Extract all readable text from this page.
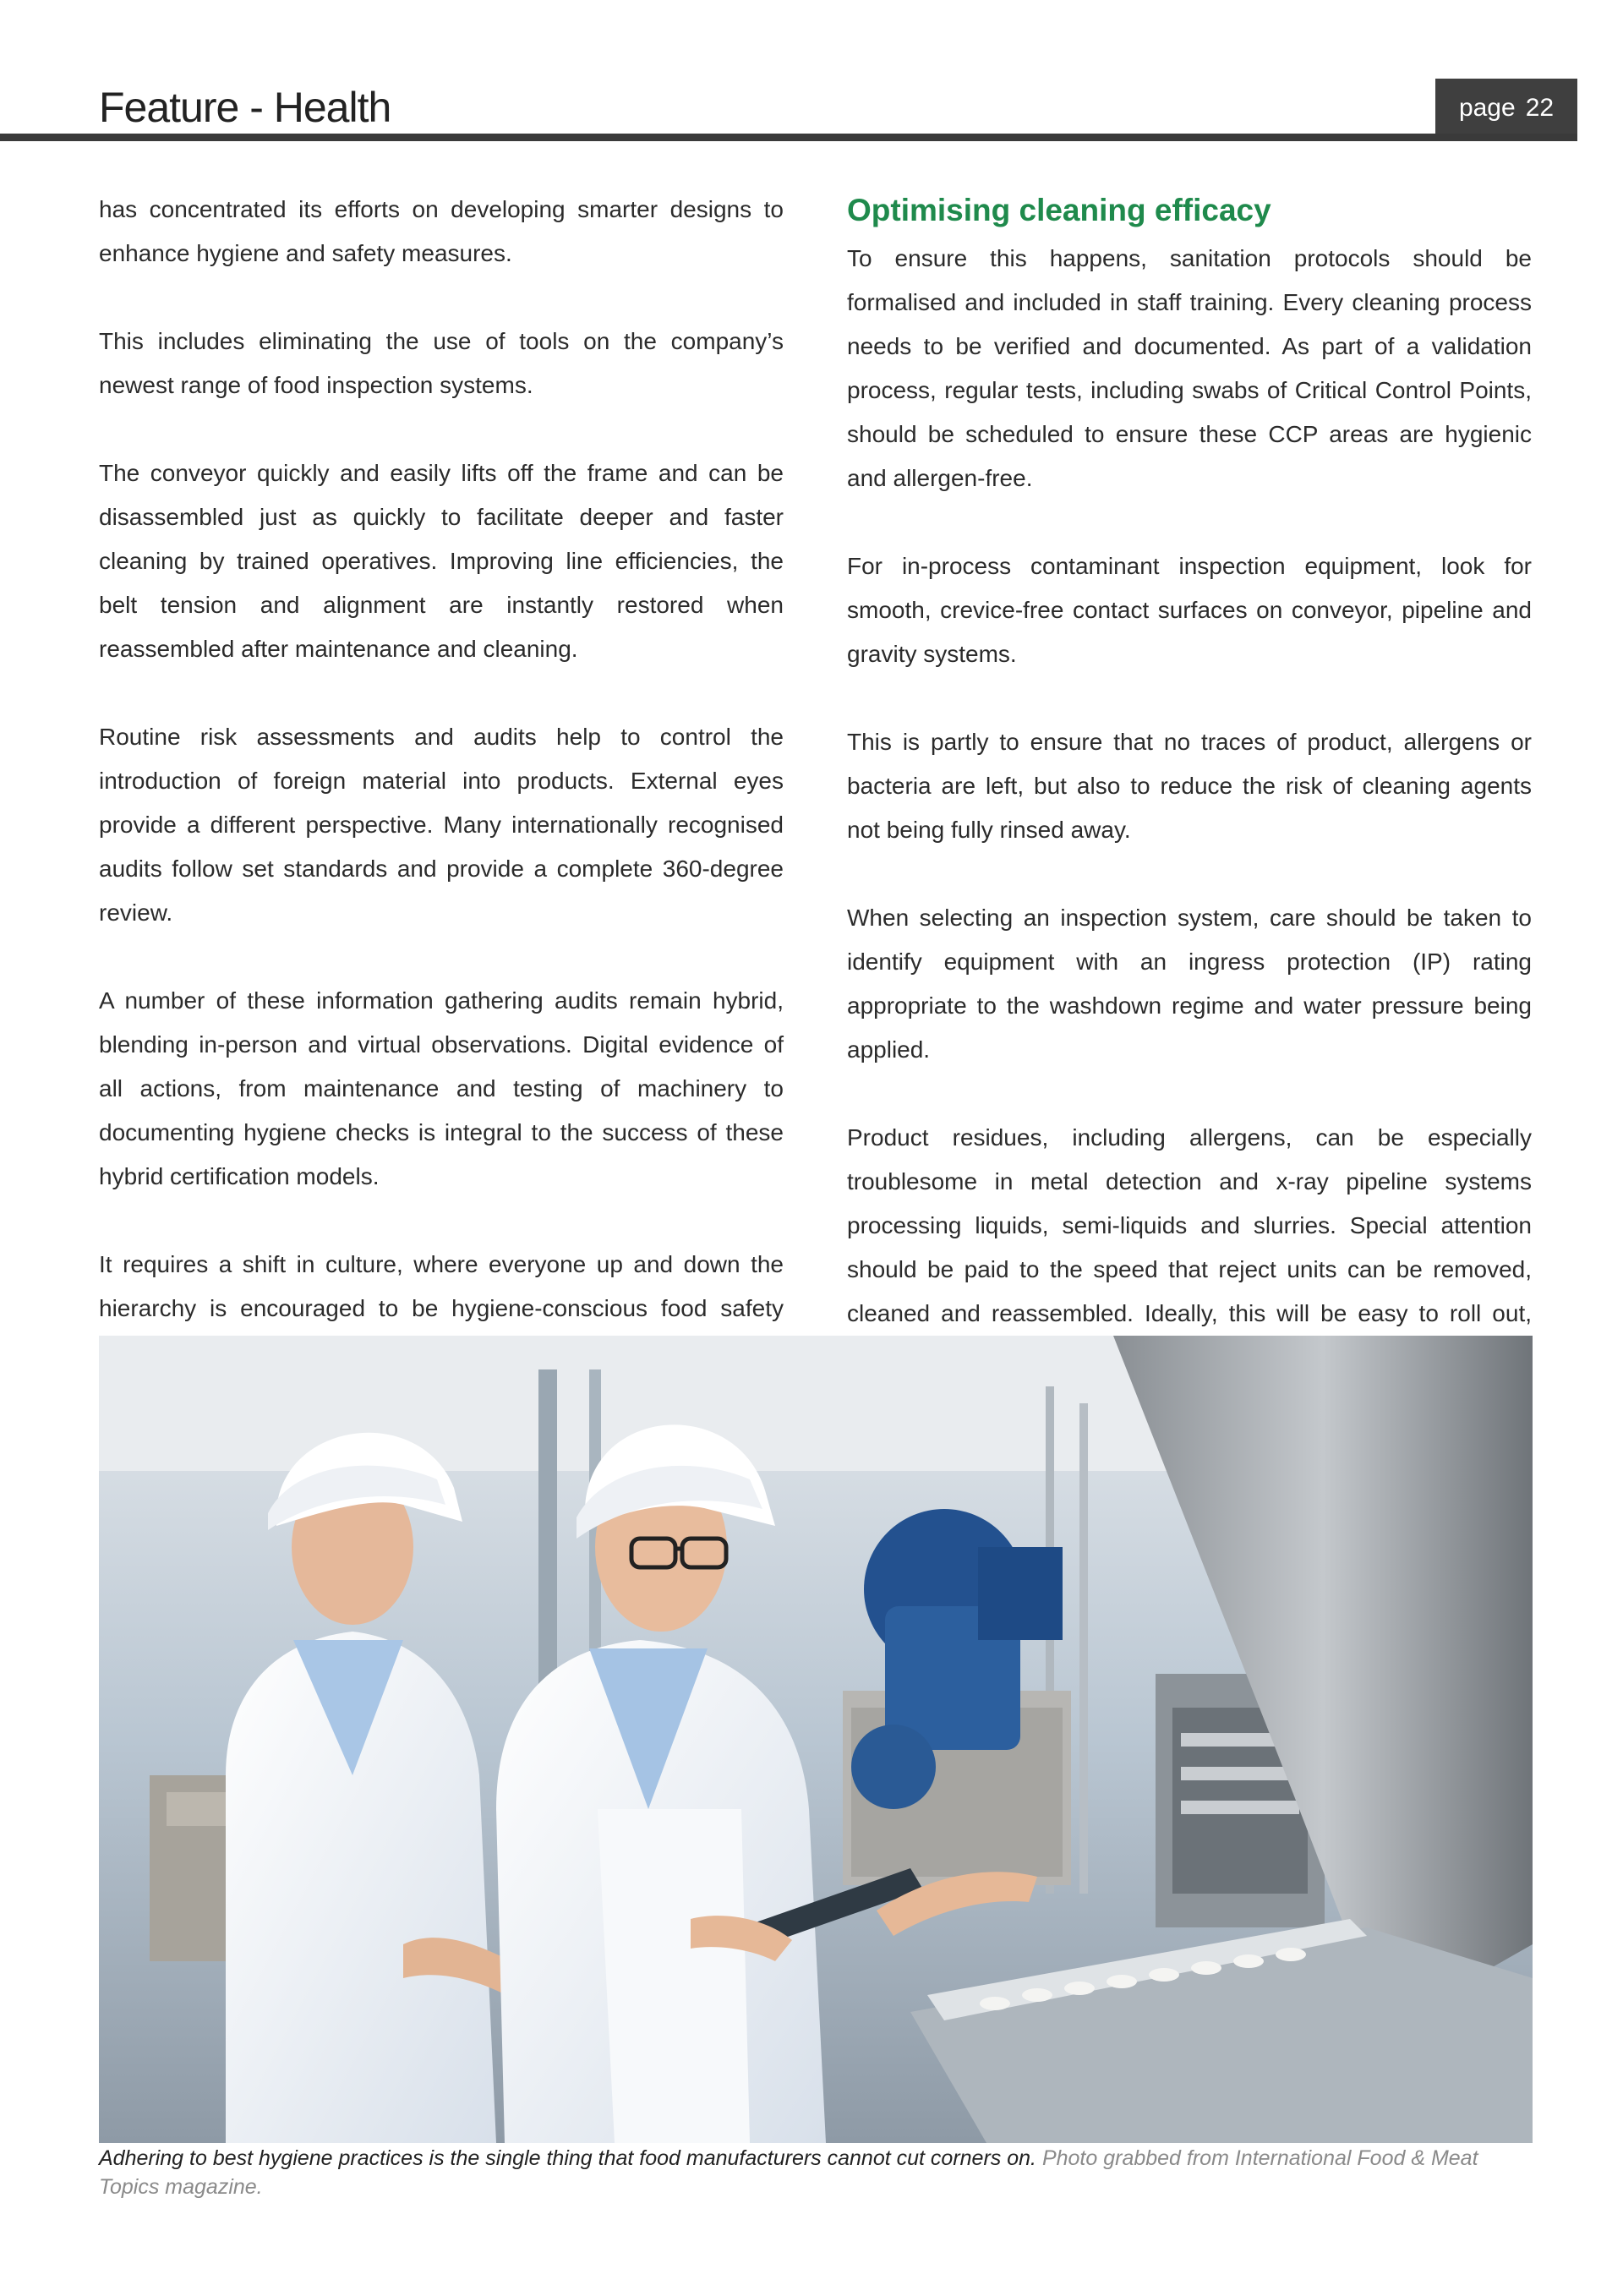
Feature - Health	page 22

has concentrated its efforts on developing smarter designs to enhance hygiene and safety measures.

This includes eliminating the use of tools on the company’s newest range of food inspection systems.

The conveyor quickly and easily lifts off the frame and can be disassembled just as quickly to facilitate deeper and faster cleaning by trained operatives. Improving line efficiencies, the belt tension and alignment are instantly restored when reassembled after maintenance and cleaning.

Routine risk assessments and audits help to control the introduction of foreign material into products. External eyes provide a different perspective. Many internationally recognised audits follow set standards and provide a complete 360-degree review.

A number of these information gathering audits remain hybrid, blending in-person and virtual observations. Digital evidence of all actions, from maintenance and testing of machinery to documenting hygiene checks is integral to the success of these hybrid certification models.

It requires a shift in culture, where everyone up and down the hierarchy is encouraged to be hygiene-conscious food safety

Optimising cleaning efficacy

To ensure this happens, sanitation protocols should be formalised and included in staff training. Every cleaning process needs to be verified and documented. As part of a validation process, regular tests, including swabs of Critical Control Points, should be scheduled to ensure these CCP areas are hygienic and allergen-free.

For in-process contaminant inspection equipment, look for smooth, crevice-free contact surfaces on conveyor, pipeline and gravity systems.

This is partly to ensure that no traces of product, allergens or bacteria are left, but also to reduce the risk of cleaning agents not being fully rinsed away.

When selecting an inspection system, care should be taken to identify equipment with an ingress protection (IP) rating appropriate to the washdown regime and water pressure being applied.

Product residues, including allergens, can be especially troublesome in metal detection and x-ray pipeline systems processing liquids, semi-liquids and slurries. Special attention should be paid to the speed that reject units can be removed, cleaned and reassembled. Ideally, this will be easy to roll out,

Adhering to best hygiene practices is the single thing that food manufacturers cannot cut corners on. Photo grabbed from International Food & Meat Topics magazine.
